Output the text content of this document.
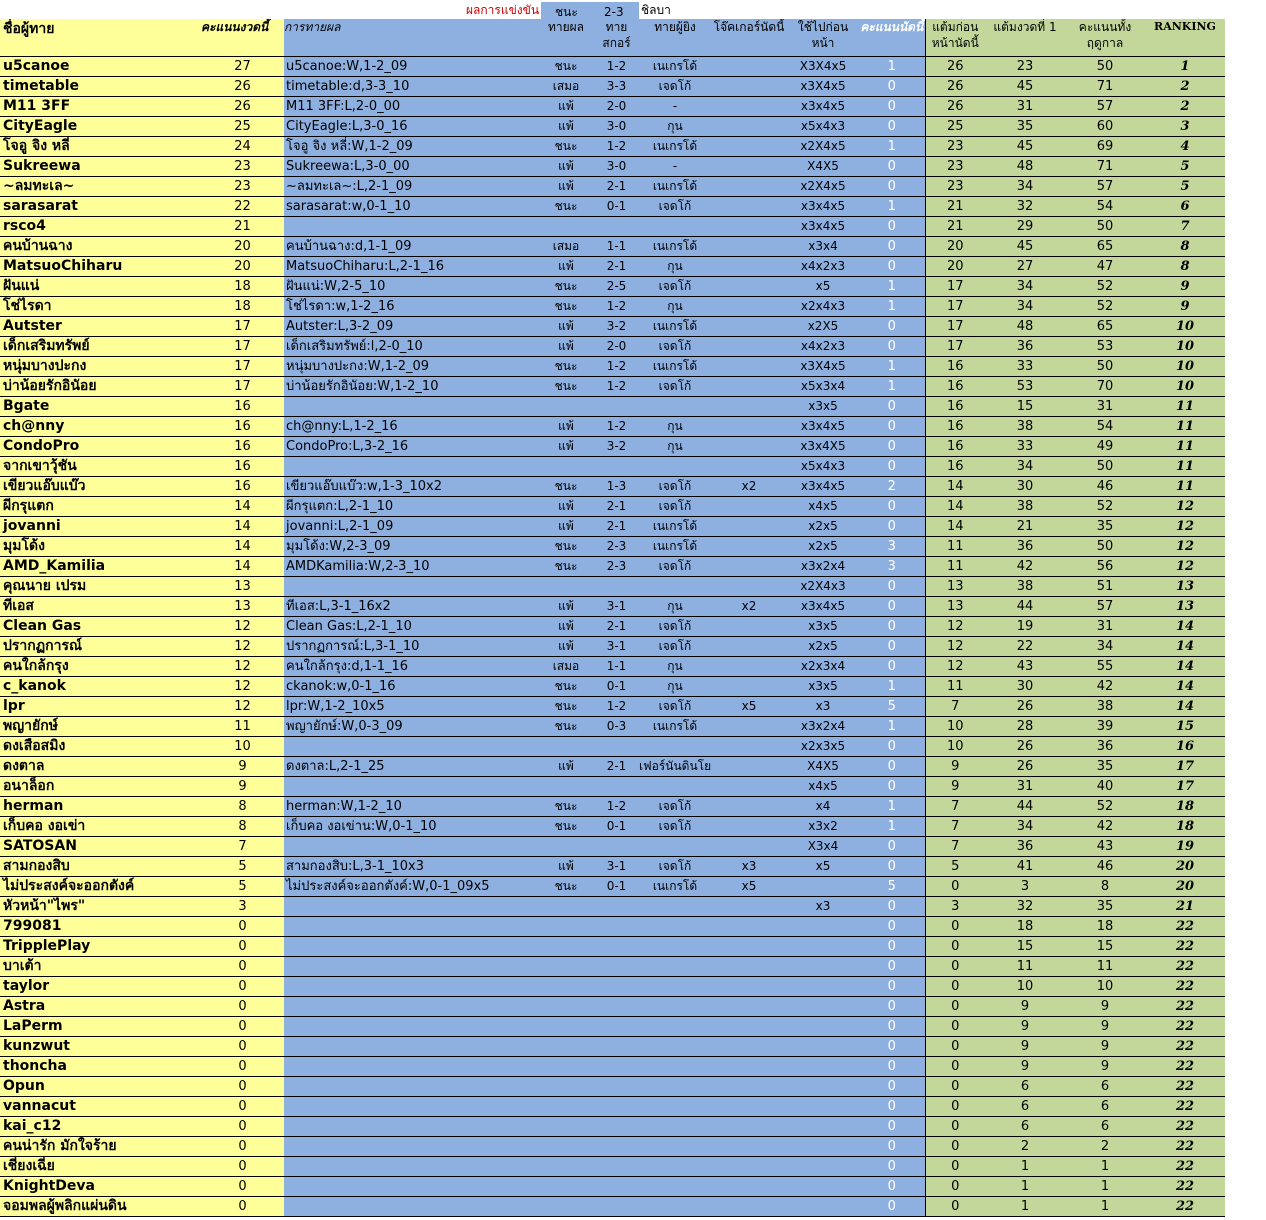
ผลการแข่งขัน ชนะ 2-3 ชิลบา
ชื่อผู้ทาย	คะแนนงวดนี้	การทายผล	ทายผล	ทายสกอร์	ทายผู้ยิง	โจ๊คเกอร์นัดนี้	ใช้ไปก่อนหน้า	คะแนนนัดนี้	แต้มก่อนหน้านัดนี้	แต้มงวดที่ 1	คะแนนทั้งฤดูกาล	RANKING
u5canoe	27	u5canoe:W,1-2_09	ชนะ	1-2	เนเกรโด้		X3X4x5	1	26	23	50	1
timetable	26	timetable:d,3-3_10	เสมอ	3-3	เจดโก้		x3X4x5	0	26	45	71	2
M11 3FF	26	M11 3FF:L,2-0_00	แพ้	2-0	-		x3x4x5	0	26	31	57	2
CityEagle	25	CityEagle:L,3-0_16	แพ้	3-0	กุน		x5x4x3	0	25	35	60	3
โจอู จิง หลี่	24	โจอู จิง หลี่:W,1-2_09	ชนะ	1-2	เนเกรโด้		x2X4x5	1	23	45	69	4
Sukreewa	23	Sukreewa:L,3-0_00	แพ้	3-0	-		X4X5	0	23	48	71	5
~ลมทะเล~	23	~ลมทะเล~:L,2-1_09	แพ้	2-1	เนเกรโด้		x2X4x5	0	23	34	57	5
sarasarat	22	sarasarat:w,0-1_10	ชนะ	0-1	เจดโก้		x3x4x5	1	21	32	54	6
rsco4	21						x3x4x5	0	21	29	50	7
คนบ้านฉาง	20	คนบ้านฉาง:d,1-1_09	เสมอ	1-1	เนเกรโด้		x3x4	0	20	45	65	8
MatsuoChiharu	20	MatsuoChiharu:L,2-1_16	แพ้	2-1	กุน		x4x2x3	0	20	27	47	8
ฝันแน่	18	ฝันแน่:W,2-5_10	ชนะ	2-5	เจดโก้		x5	1	17	34	52	9
โช่ไรดา	18	โช่ไรดา:w,1-2_16	ชนะ	1-2	กุน		x2x4x3	1	17	34	52	9
Autster	17	Autster:L,3-2_09	แพ้	3-2	เนเกรโด้		x2X5	0	17	48	65	10
เด็กเสริมทรัพย์	17	เด็กเสริมทรัพย์:l,2-0_10	แพ้	2-0	เจดโก้		x4x2x3	0	17	36	53	10
หนุ่มบางปะกง	17	หนุ่มบางปะกง:W,1-2_09	ชนะ	1-2	เนเกรโด้		x3X4x5	1	16	33	50	10
บ่าน้อยรักอินัอย	17	บ่าน้อยรักอินัอย:W,1-2_10	ชนะ	1-2	เจดโก้		x5x3x4	1	16	53	70	10
Bgate	16						x3x5	0	16	15	31	11
ch@nny	16	ch@nny:L,1-2_16	แพ้	1-2	กุน		x3x4x5	0	16	38	54	11
CondoPro	16	CondoPro:L,3-2_16	แพ้	3-2	กุน		x3x4X5	0	16	33	49	11
จากเขาวุ้ชัน	16						x5x4x3	0	16	34	50	11
เขียวแอ๊บแบ๊ว	16	เขียวแอ๊บแบ๊ว:w,1-3_10x2	ชนะ	1-3	เจดโก้	x2	x3x4x5	2	14	30	46	11
ผีกรุแตก	14	ผีกรุแตก:L,2-1_10	แพ้	2-1	เจดโก้		x4x5	0	14	38	52	12
jovanni	14	jovanni:L,2-1_09	แพ้	2-1	เนเกรโด้		x2x5	0	14	21	35	12
มุมโด้ง	14	มุมโด้ง:W,2-3_09	ชนะ	2-3	เนเกรโด้		x2x5	3	11	36	50	12
AMD_Kamilia	14	AMDKamilia:W,2-3_10	ชนะ	2-3	เจดโก้		x3x2x4	3	11	42	56	12
คุณนาย เปรม	13						x2X4x3	0	13	38	51	13
ทีเอส	13	ทีเอส:L,3-1_16x2	แพ้	3-1	กุน	x2	x3x4x5	0	13	44	57	13
Clean Gas	12	Clean Gas:L,2-1_10	แพ้	2-1	เจดโก้		x3x5	0	12	19	31	14
ปรากฏการณ์	12	ปรากฏการณ์:L,3-1_10	แพ้	3-1	เจดโก้		x2x5	0	12	22	34	14
คนใกล้กรุง	12	คนใกล้กรุง:d,1-1_16	เสมอ	1-1	กุน		x2x3x4	0	12	43	55	14
c_kanok	12	ckanok:w,0-1_16	ชนะ	0-1	กุน		x3x5	1	11	30	42	14
lpr	12	lpr:W,1-2_10x5	ชนะ	1-2	เจดโก้	x5	x3	5	7	26	38	14
พญายักษ์	11	พญายักษ์:W,0-3_09	ชนะ	0-3	เนเกรโด้		x3x2x4	1	10	28	39	15
ดงเสือสมิง	10						x2x3x5	0	10	26	36	16
ดงตาล	9	ดงตาล:L,2-1_25	แพ้	2-1	เฟอร์นันดินโย		X4X5	0	9	26	35	17
อนาล็อก	9						x4x5	0	9	31	40	17
herman	8	herman:W,1-2_10	ชนะ	1-2	เจดโก้		x4	1	7	44	52	18
เก็บคอ งอเข่า	8	เก็บคอ งอเข่าน:W,0-1_10	ชนะ	0-1	เจดโก้		x3x2	1	7	34	42	18
SATOSAN	7						X3x4	0	7	36	43	19
สามกองสิบ	5	สามกองสิบ:L,3-1_10x3	แพ้	3-1	เจดโก้	x3	x5	0	5	41	46	20
ไม่ประสงค์จะออกตังค์	5	ไม่ประสงค์จะออกตังค์:W,0-1_09x5	ชนะ	0-1	เนเกรโด้	x5		5	0	3	8	20
หัวหน้า"ไพร"	3						x3	0	3	32	35	21
799081	0							0	0	18	18	22
TripplePlay	0							0	0	15	15	22
บาเต้า	0							0	0	11	11	22
taylor	0							0	0	10	10	22
Astra	0							0	0	9	9	22
LaPerm	0							0	0	9	9	22
kunzwut	0							0	0	9	9	22
thoncha	0							0	0	9	9	22
Opun	0							0	0	6	6	22
vannacut	0							0	0	6	6	22
kai_c12	0							0	0	6	6	22
คนน่ารัก มักใจร้าย	0							0	0	2	2	22
เชี่ยงเฉี่ย	0							0	0	1	1	22
KnightDeva	0							0	0	1	1	22
จอมพลผู้พลิกแผ่นดิน	0							0	0	1	1	22
